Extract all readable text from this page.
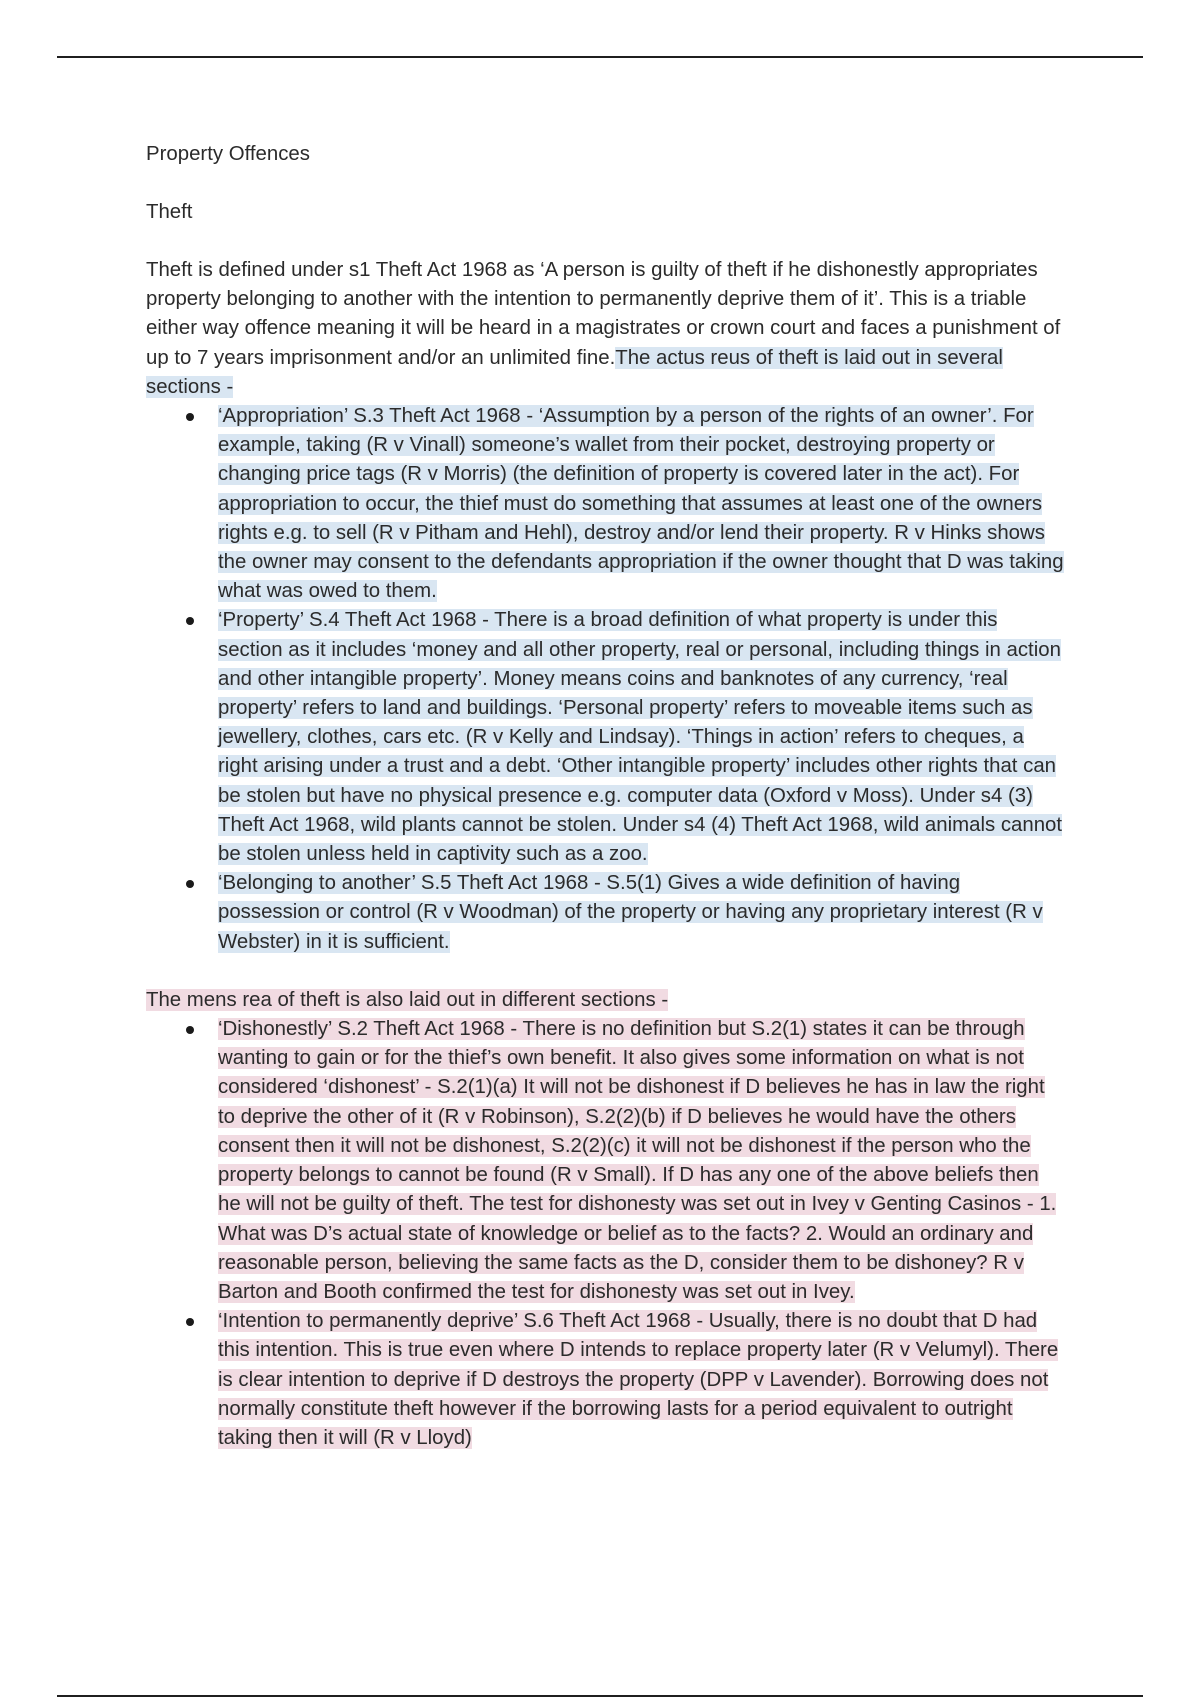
Property Offences
Theft

Theft is defined under s1 Theft Act 1968 as ‘A person is guilty of theft if he dishonestly appropriates property belonging to another with the intention to permanently deprive them of it’. This is a triable either way offence meaning it will be heard in a magistrates or crown court and faces a punishment of up to 7 years imprisonment and/or an unlimited fine.The actus reus of theft is laid out in several sections -

‘Appropriation’ S.3 Theft Act 1968 - ‘Assumption by a person of the rights of an owner’. For example, taking (R v Vinall) someone’s wallet from their pocket, destroying property or changing price tags (R v Morris) (the definition of property is covered later in the act). For appropriation to occur, the thief must do something that assumes at least one of the owners rights e.g. to sell (R v Pitham and Hehl), destroy and/or lend their property. R v Hinks shows the owner may consent to the defendants appropriation if the owner thought that D was taking what was owed to them.
‘Property’ S.4 Theft Act 1968 - There is a broad definition of what property is under this section as it includes ‘money and all other property, real or personal, including things in action and other intangible property’. Money means coins and banknotes of any currency, ‘real property’ refers to land and buildings. ‘Personal property’ refers to moveable items such as jewellery, clothes, cars etc. (R v Kelly and Lindsay). ‘Things in action’ refers to cheques, a right arising under a trust and a debt. ‘Other intangible property’ includes other rights that can be stolen but have no physical presence e.g. computer data (Oxford v Moss). Under s4 (3) Theft Act 1968, wild plants cannot be stolen. Under s4 (4) Theft Act 1968, wild animals cannot be stolen unless held in captivity such as a zoo.
‘Belonging to another’ S.5 Theft Act 1968 - S.5(1) Gives a wide definition of having possession or control (R v Woodman) of the property or having any proprietary interest (R v Webster) in it is sufficient.

The mens rea of theft is also laid out in different sections -

‘Dishonestly’ S.2 Theft Act 1968 - There is no definition but S.2(1) states it can be through wanting to gain or for the thief’s own benefit. It also gives some information on what is not considered ‘dishonest’ - S.2(1)(a) It will not be dishonest if D believes he has in law the right to deprive the other of it (R v Robinson), S.2(2)(b) if D believes he would have the others consent then it will not be dishonest, S.2(2)(c) it will not be dishonest if the person who the property belongs to cannot be found (R v Small). If D has any one of the above beliefs then he will not be guilty of theft. The test for dishonesty was set out in Ivey v Genting Casinos - 1. What was D’s actual state of knowledge or belief as to the facts? 2. Would an ordinary and reasonable person, believing the same facts as the D, consider them to be dishoney? R v Barton and Booth confirmed the test for dishonesty was set out in Ivey.
‘Intention to permanently deprive’ S.6 Theft Act 1968 - Usually, there is no doubt that D had this intention. This is true even where D intends to replace property later (R v Velumyl). There is clear intention to deprive if D destroys the property (DPP v Lavender). Borrowing does not normally constitute theft however if the borrowing lasts for a period equivalent to outright taking then it will (R v Lloyd)
